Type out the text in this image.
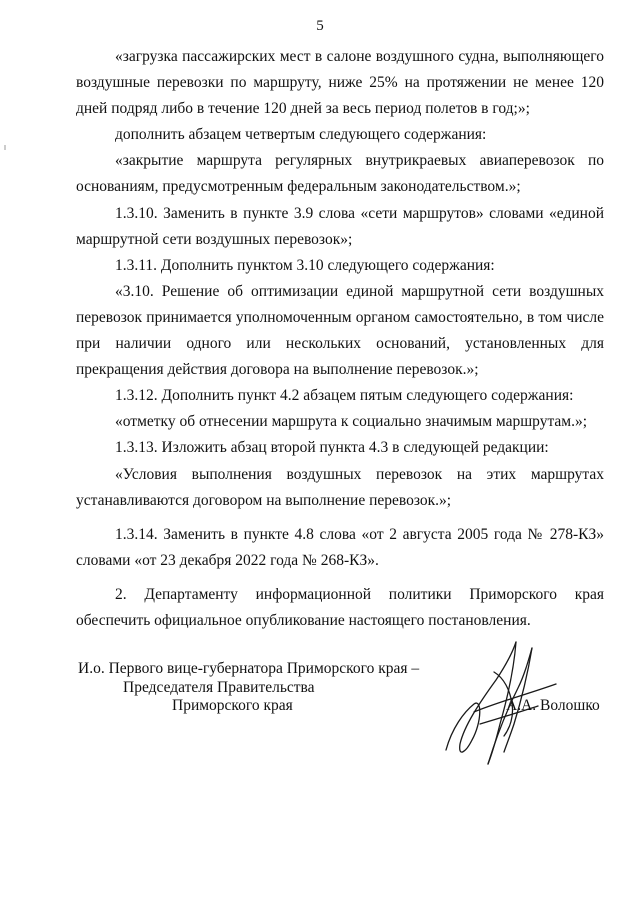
5

«загрузка пассажирских мест в салоне воздушного судна, выполняющего воздушные перевозки по маршруту, ниже 25% на протяжении не менее 120 дней подряд либо в течение 120 дней за весь период полетов в год;»;

дополнить абзацем четвертым следующего содержания:

«закрытие маршрута регулярных внутрикраевых авиаперевозок по основаниям, предусмотренным федеральным законодательством.»;

1.3.10. Заменить в пункте 3.9 слова «сети маршрутов» словами «единой маршрутной сети воздушных перевозок»;

1.3.11. Дополнить пунктом 3.10 следующего содержания:

«3.10. Решение об оптимизации единой маршрутной сети воздушных перевозок принимается уполномоченным органом самостоятельно, в том числе при наличии одного или нескольких оснований, установленных для прекращения действия договора на выполнение перевозок.»;

1.3.12. Дополнить пункт 4.2 абзацем пятым следующего содержания:

«отметку об отнесении маршрута к социально значимым маршрутам.»;

1.3.13. Изложить абзац второй пункта 4.3 в следующей редакции:

«Условия выполнения воздушных перевозок на этих маршрутах устанавливаются договором на выполнение перевозок.»;

1.3.14. Заменить в пункте 4.8 слова «от 2 августа 2005 года № 278-КЗ» словами «от 23 декабря 2022 года № 268-КЗ».

2. Департаменту информационной политики Приморского края обеспечить официальное опубликование настоящего постановления.

И.о. Первого вице-губернатора Приморского края –
Председателя Правительства
Приморского края	А.А. Волошко
